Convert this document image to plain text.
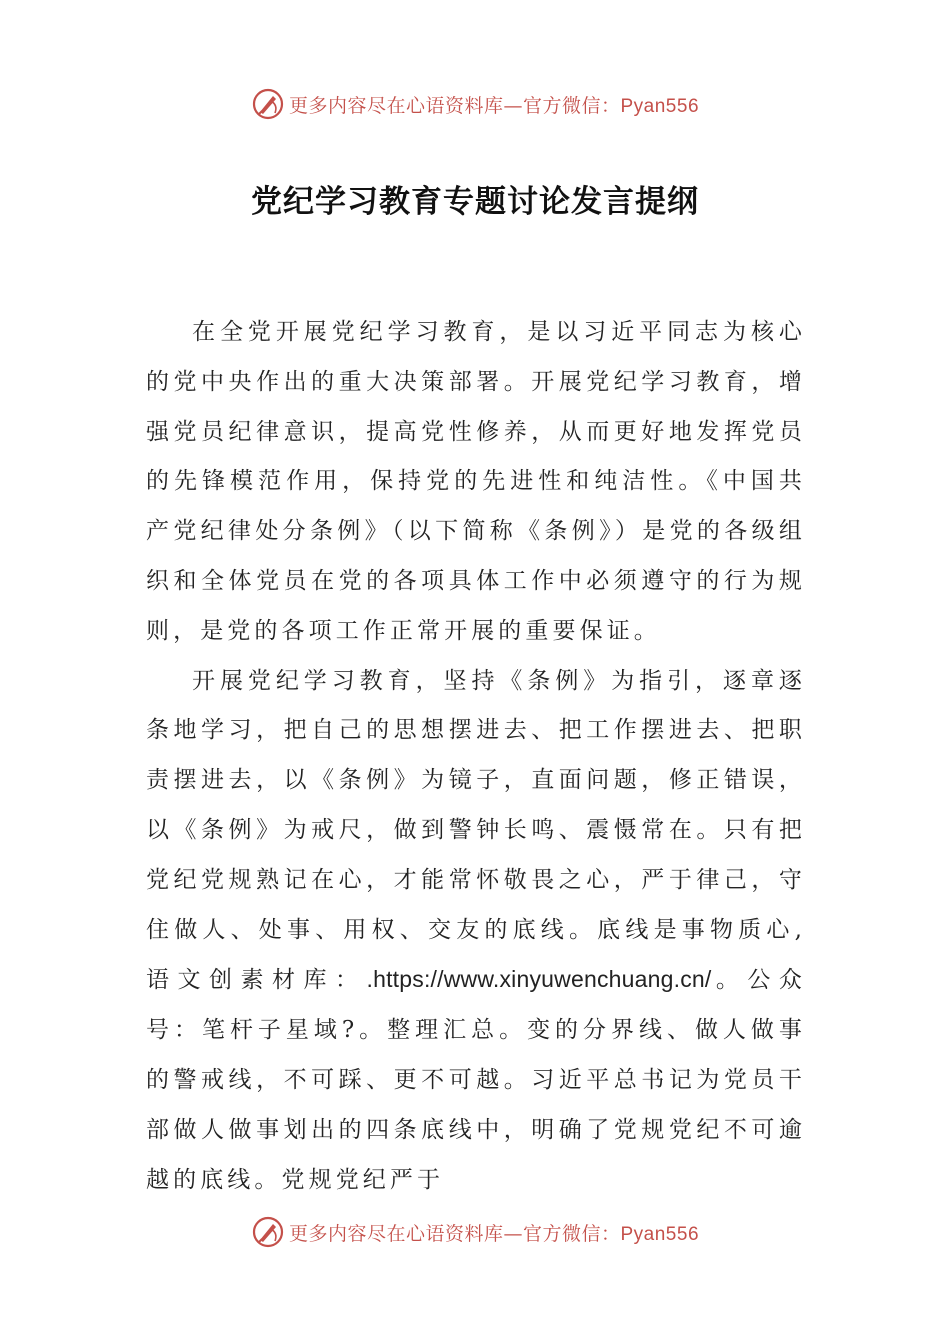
更多内容尽在心语资料库—官方微信：Pyan556
党纪学习教育专题讨论发言提纲

在全党开展党纪学习教育，是以习近平同志为核心的党中央作出的重大决策部署。开展党纪学习教育，增强党员纪律意识，提高党性修养，从而更好地发挥党员的先锋模范作用，保持党的先进性和纯洁性。《中国共产党纪律处分条例》（以下简称《条例》）是党的各级组织和全体党员在党的各项具体工作中必须遵守的行为规则，是党的各项工作正常开展的重要保证。

开展党纪学习教育，坚持《条例》为指引，逐章逐条地学习，把自己的思想摆进去、把工作摆进去、把职责摆进去，以《条例》为镜子，直面问题，修正错误，以《条例》为戒尺，做到警钟长鸣、震慑常在。只有把党纪党规熟记在心，才能常怀敬畏之心，严于律己，守住做人、处事、用权、交友的底线。底线是事物质心,语文创素材库：.https://www.xinyuwenchuang.cn/。公众号：笔杆子星域?。整理汇总。变的分界线、做人做事的警戒线，不可踩、更不可越。习近平总书记为党员干部做人做事划出的四条底线中，明确了党规党纪不可逾越的底线。党规党纪严于

更多内容尽在心语资料库—官方微信：Pyan556
